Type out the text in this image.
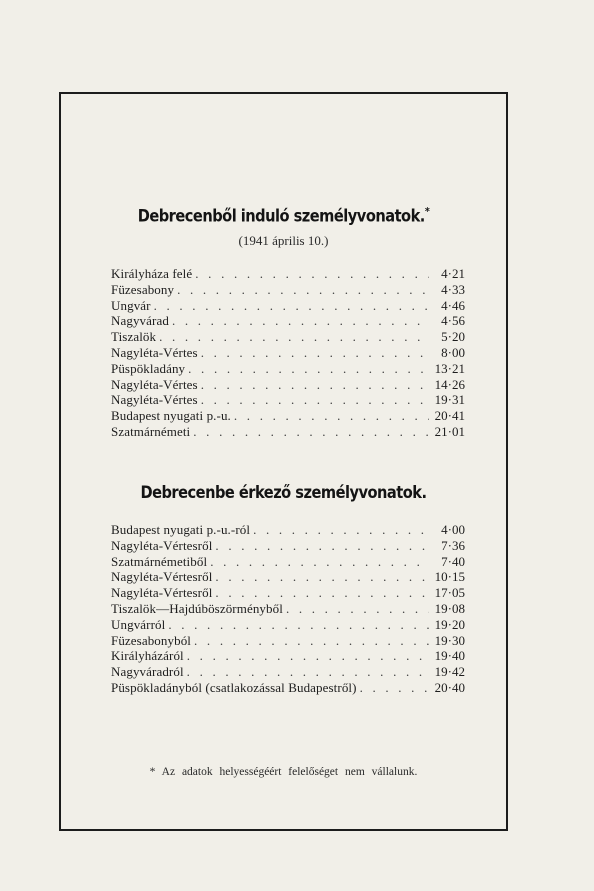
Debrecenből induló személyvonatok.*
(1941 április 10.)
Királyháza felé . . .	4·21
Füzesabony . . .	4·33
Ungvár . . .	4·46
Nagyvárad . . .	4·56
Tiszalök . . .	5·20
Nagyléta-Vértes . . .	8·00
Püspökladány . . .	13·21
Nagyléta-Vértes . . .	14·26
Nagyléta-Vértes . . .	19·31
Budapest nyugati p.-u. . . .	20·41
Szatmárnémeti . . .	21·01
Debrecenbe érkező személyvonatok.
Budapest nyugati p.-u.-ról . . .	4·00
Nagyléta-Vértesről . . .	7·36
Szatmárnémetiből . . .	7·40
Nagyléta-Vértesről . . .	10·15
Nagyléta-Vértesről . . .	17·05
Tiszalök—Hajdúböszörményből . . .	19·08
Ungvárról . . .	19·20
Füzesabonyból . . .	19·30
Királyházáról . . .	19·40
Nagyváradról . . .	19·42
Püspökladányból (csatlakozással Budapestről) . . .	20·40
* Az adatok helyességéért felelőséget nem vállalunk.
